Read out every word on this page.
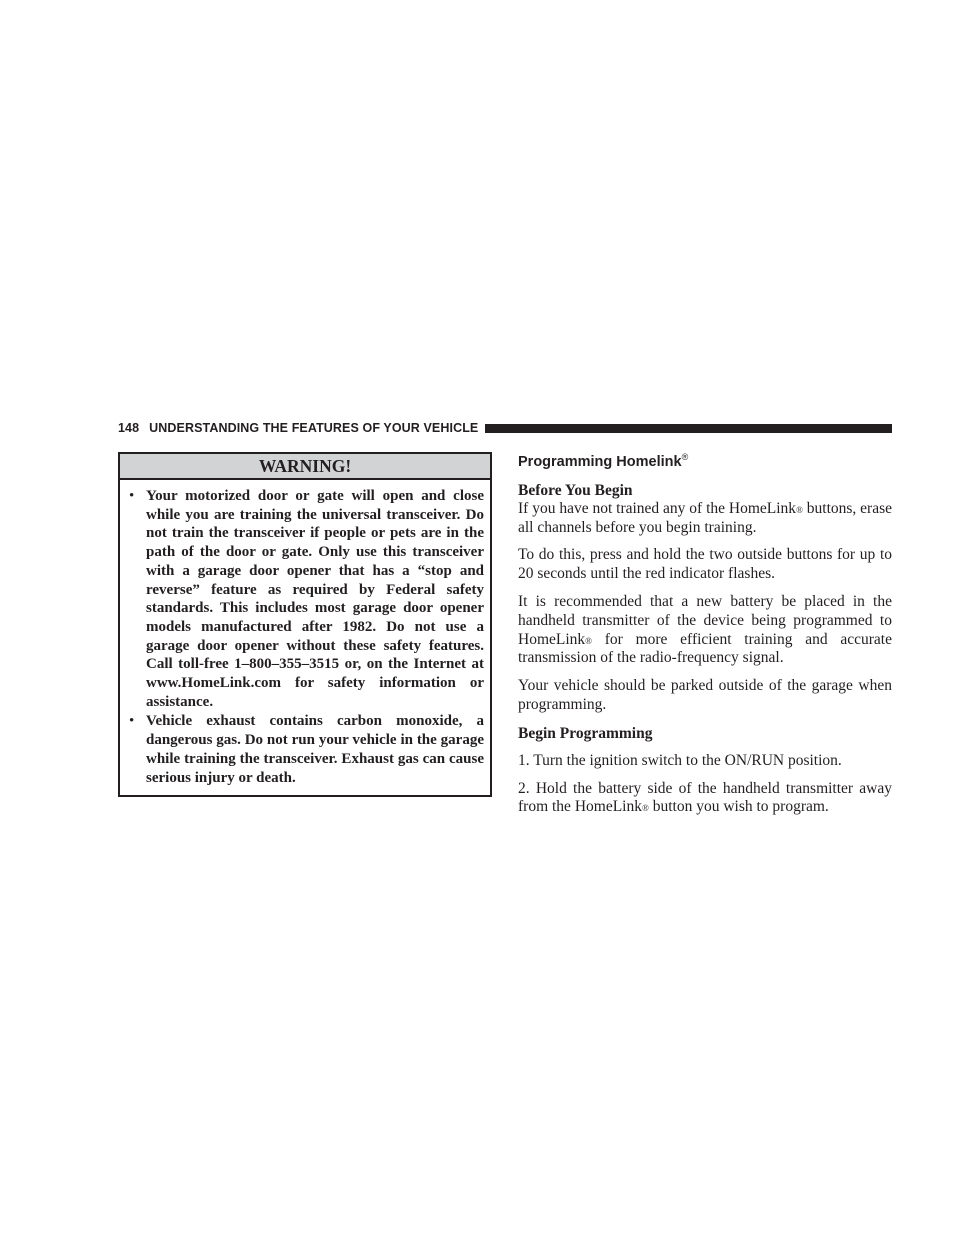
148 UNDERSTANDING THE FEATURES OF YOUR VEHICLE
WARNING!
• Your motorized door or gate will open and close while you are training the universal transceiver. Do not train the transceiver if people or pets are in the path of the door or gate. Only use this transceiver with a garage door opener that has a “stop and reverse” feature as required by Federal safety standards. This includes most garage door opener models manufactured after 1982. Do not use a garage door opener without these safety features. Call toll-free 1–800–355–3515 or, on the Internet at www.HomeLink.com for safety information or assistance.
• Vehicle exhaust contains carbon monoxide, a dangerous gas. Do not run your vehicle in the garage while training the transceiver. Exhaust gas can cause serious injury or death.
Programming Homelink®
Before You Begin

If you have not trained any of the HomeLink® buttons, erase all channels before you begin training.

To do this, press and hold the two outside buttons for up to 20 seconds until the red indicator flashes.

It is recommended that a new battery be placed in the handheld transmitter of the device being programmed to HomeLink® for more efficient training and accurate transmission of the radio-frequency signal.

Your vehicle should be parked outside of the garage when programming.

Begin Programming

1. Turn the ignition switch to the ON/RUN position.

2. Hold the battery side of the handheld transmitter away from the HomeLink® button you wish to program.
